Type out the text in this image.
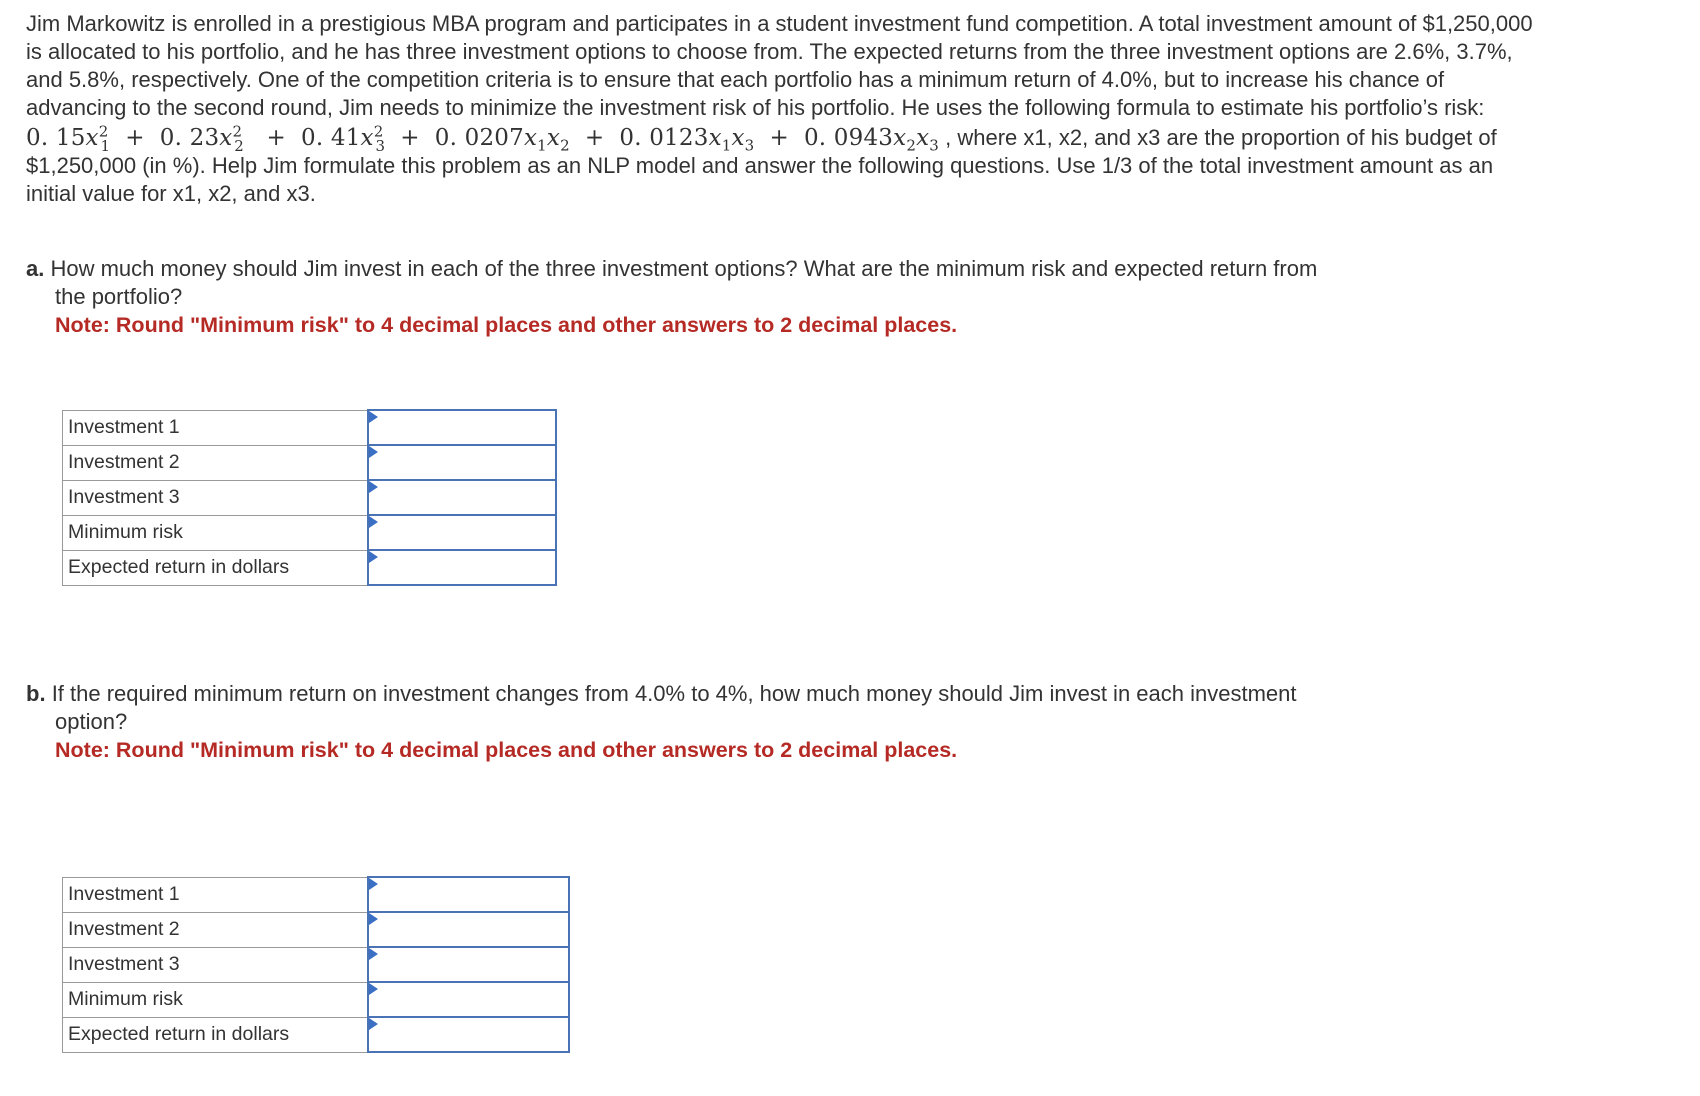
Jim Markowitz is enrolled in a prestigious MBA program and participates in a student investment fund competition. A total investment amount of $1,250,000 is allocated to his portfolio, and he has three investment options to choose from. The expected returns from the three investment options are 2.6%, 3.7%, and 5.8%, respectively. One of the competition criteria is to ensure that each portfolio has a minimum return of 4.0%, but to increase his chance of advancing to the second round, Jim needs to minimize the investment risk of his portfolio. He uses the following formula to estimate his portfolio’s risk:

0. $15x^2_1 + 0$. $23x^2_2 + 0$. $41x^2_3 + 0$. $0207x_1x_2 + 0$. $0123x_1x_3 + 0$. $0943x_2x_3$ , where x1, x2, and x3 are the proportion of his budget of $1,250,000 (in %). Help Jim formulate this problem as an NLP model and answer the following questions. Use 1/3 of the total investment amount as an initial value for x1, x2, and x3.

a. How much money should Jim invest in each of the three investment options? What are the minimum risk and expected return from
the portfolio?
Note: Round "Minimum risk" to 4 decimal places and other answers to 2 decimal places.
b. If the required minimum return on investment changes from 4.0% to 4%, how much money should Jim invest in each investment
option?
Note: Round "Minimum risk" to 4 decimal places and other answers to 2 decimal places.
Investment 1	

Investment 2	

Investment 3	

Minimum risk	

Expected return in dollars	
Investment 1	

Investment 2	

Investment 3	

Minimum risk	

Expected return in dollars	
